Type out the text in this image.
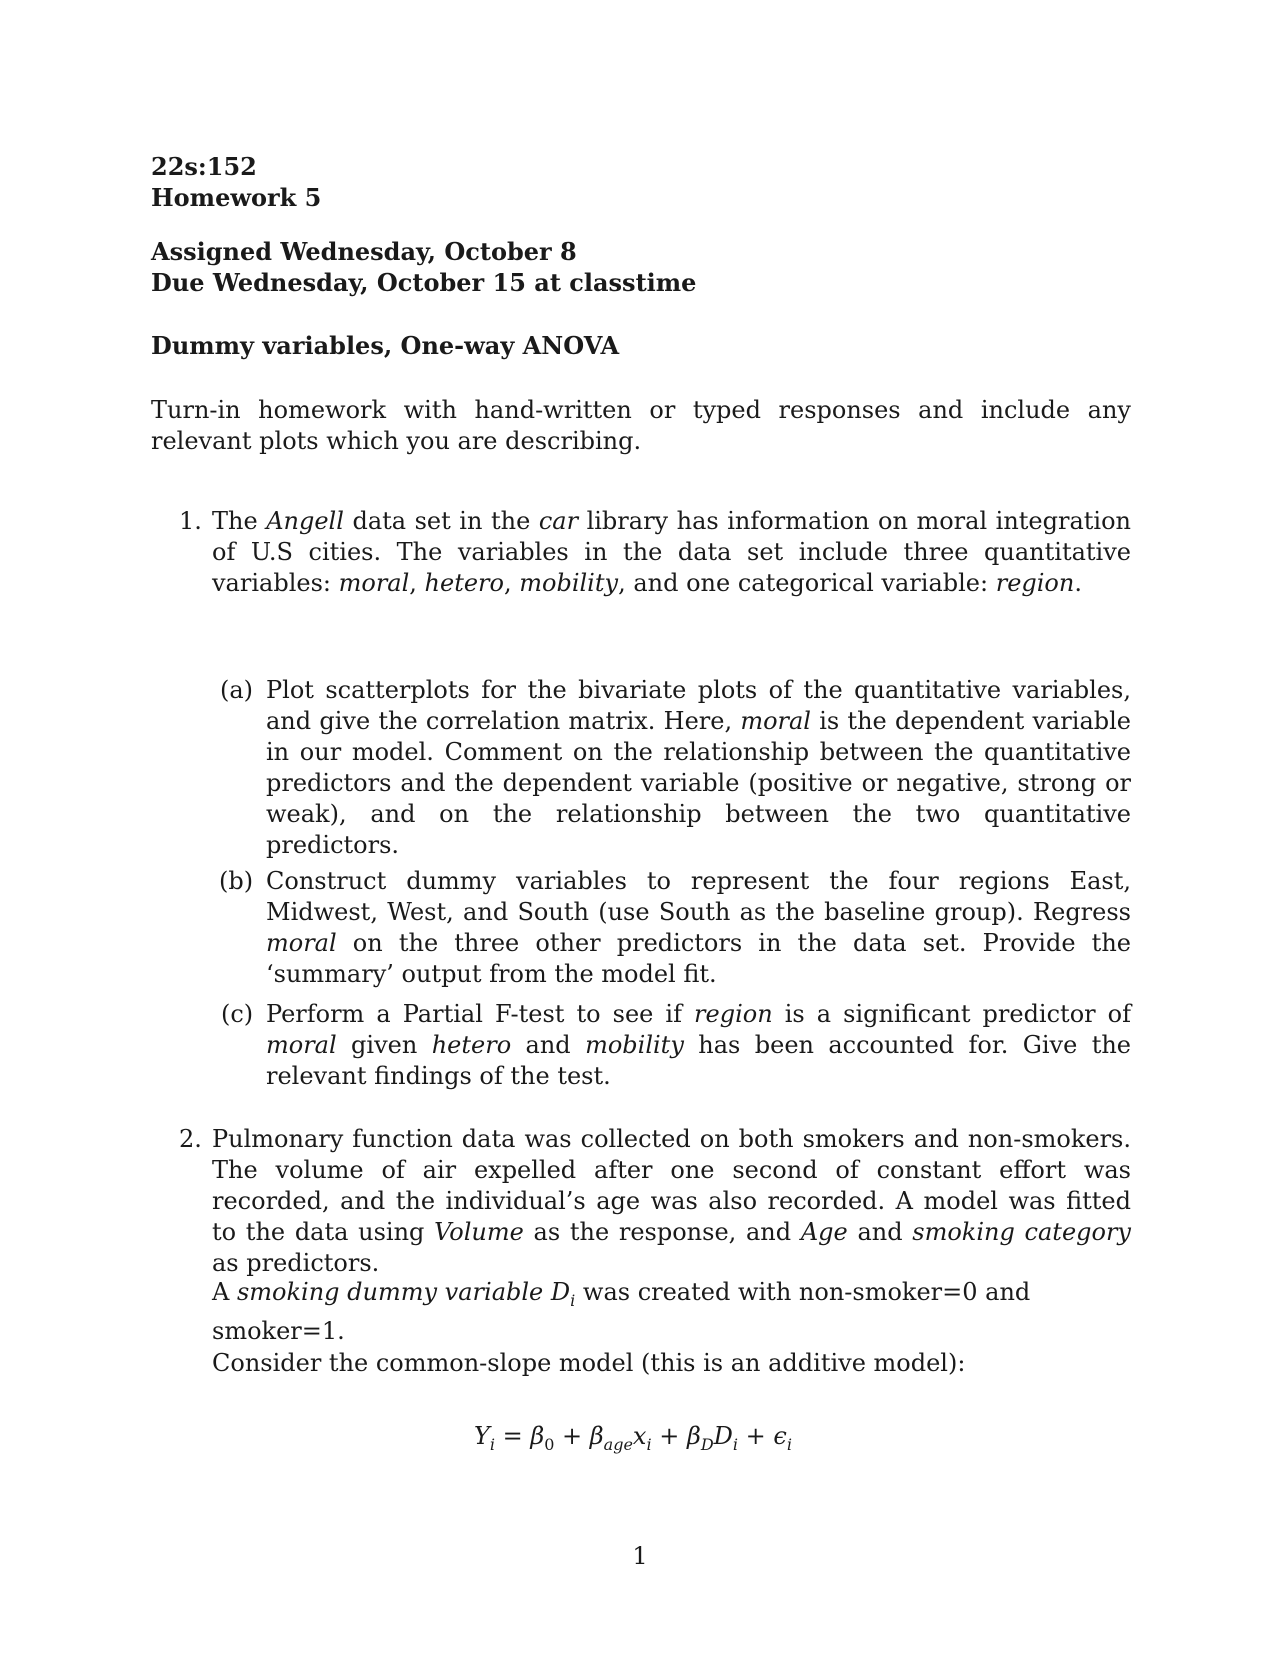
22s:152
Homework 5
Assigned Wednesday, October 8
Due Wednesday, October 15 at classtime
Dummy variables, One-way ANOVA
Turn-in homework with hand-written or typed responses and include any relevant plots which you are describing.
1. The Angell data set in the car library has information on moral integration of U.S cities. The variables in the data set include three quantitative variables: moral, hetero, mobility, and one categorical variable: region.
(a) Plot scatterplots for the bivariate plots of the quantitative variables, and give the correlation matrix. Here, moral is the dependent variable in our model. Comment on the relationship between the quantitative predictors and the dependent variable (positive or negative, strong or weak), and on the relationship between the two quantitative predictors.
(b) Construct dummy variables to represent the four regions East, Midwest, West, and South (use South as the baseline group). Regress moral on the three other predictors in the data set. Provide the ‘summary’ output from the model fit.
(c) Perform a Partial F-test to see if region is a significant predictor of moral given hetero and mobility has been accounted for. Give the relevant findings of the test.
2. Pulmonary function data was collected on both smokers and non-smokers. The volume of air expelled after one second of constant effort was recorded, and the individual’s age was also recorded. A model was fitted to the data using Volume as the response, and Age and smoking category as predictors.
A smoking dummy variable $D_i$ was created with non-smoker=0 and smoker=1.
Consider the common-slope model (this is an additive model):
$Y_i = \beta_0 + \beta_{age}x_i + \beta_DD_i + \epsilon_i$
1
